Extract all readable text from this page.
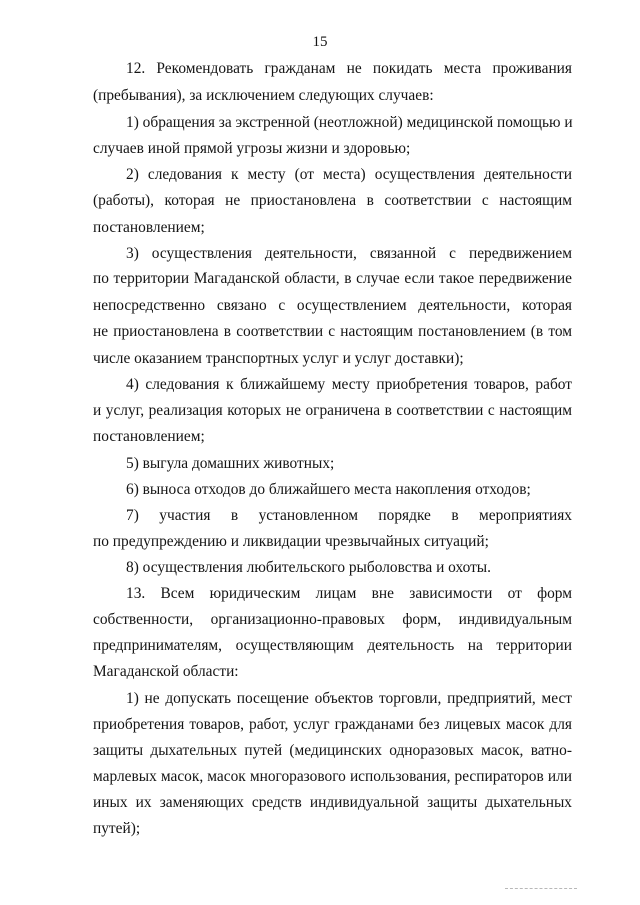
15
12. Рекомендовать гражданам не покидать места проживания
(пребывания), за исключением следующих случаев:
1) обращения за экстренной (неотложной) медицинской помощью и
случаев иной прямой угрозы жизни и здоровью;
2) следования к месту (от места) осуществления деятельности
(работы), которая не приостановлена в соответствии с настоящим
постановлением;
3) осуществления деятельности, связанной с передвижением
по территории Магаданской области, в случае если такое передвижение
непосредственно связано с осуществлением деятельности, которая
не приостановлена в соответствии с настоящим постановлением (в том
числе оказанием транспортных услуг и услуг доставки);
4) следования к ближайшему месту приобретения товаров, работ
и услуг, реализация которых не ограничена в соответствии с настоящим
постановлением;
5) выгула домашних животных;
6) выноса отходов до ближайшего места накопления отходов;
7) участия в установленном порядке в мероприятиях
по предупреждению и ликвидации чрезвычайных ситуаций;
8) осуществления любительского рыболовства и охоты.
13. Всем юридическим лицам вне зависимости от форм
собственности, организационно-правовых форм, индивидуальным
предпринимателям, осуществляющим деятельность на территории
Магаданской области:
1) не допускать посещение объектов торговли, предприятий, мест
приобретения товаров, работ, услуг гражданами без лицевых масок для
защиты дыхательных путей (медицинских одноразовых масок, ватно-
марлевых масок, масок многоразового использования, респираторов или
иных их заменяющих средств индивидуальной защиты дыхательных
путей);
